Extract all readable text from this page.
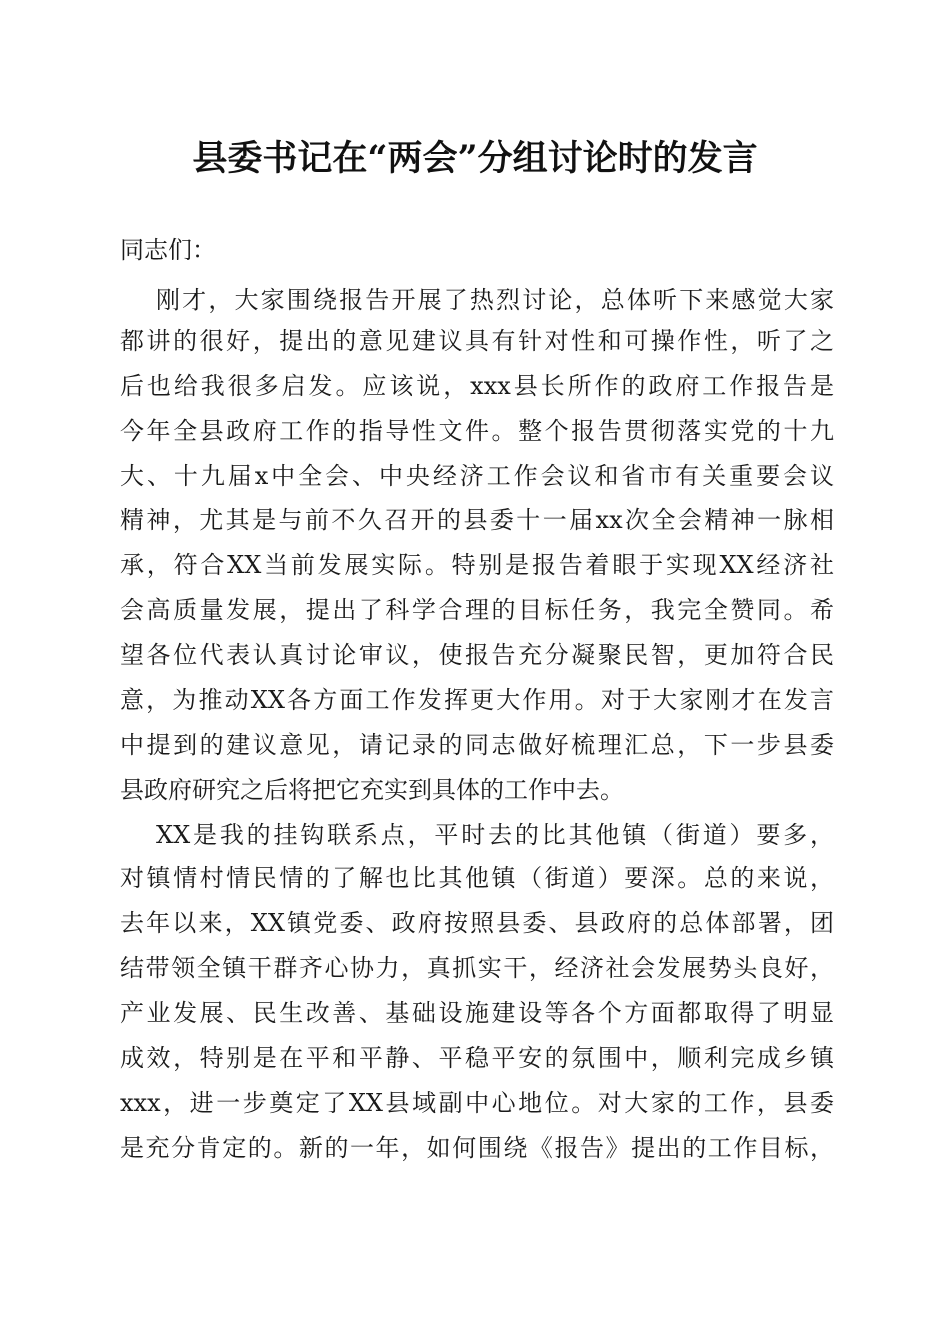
县委书记在“两会”分组讨论时的发言
同志们：
刚才，大家围绕报告开展了热烈讨论，总体听下来感觉大家
都讲的很好，提出的意见建议具有针对性和可操作性，听了之
后也给我很多启发。应该说，xxx县长所作的政府工作报告是
今年全县政府工作的指导性文件。整个报告贯彻落实党的十九
大、十九届x中全会、中央经济工作会议和省市有关重要会议
精神，尤其是与前不久召开的县委十一届xx次全会精神一脉相
承，符合XX当前发展实际。特别是报告着眼于实现XX经济社
会高质量发展，提出了科学合理的目标任务，我完全赞同。希
望各位代表认真讨论审议，使报告充分凝聚民智，更加符合民
意，为推动XX各方面工作发挥更大作用。对于大家刚才在发言
中提到的建议意见，请记录的同志做好梳理汇总，下一步县委
县政府研究之后将把它充实到具体的工作中去。
XX是我的挂钩联系点，平时去的比其他镇（街道）要多，
对镇情村情民情的了解也比其他镇（街道）要深。总的来说，
去年以来，XX镇党委、政府按照县委、县政府的总体部署，团
结带领全镇干群齐心协力，真抓实干，经济社会发展势头良好，
产业发展、民生改善、基础设施建设等各个方面都取得了明显
成效，特别是在平和平静、平稳平安的氛围中，顺利完成乡镇
xxx，进一步奠定了XX县域副中心地位。对大家的工作，县委
是充分肯定的。新的一年，如何围绕《报告》提出的工作目标，
